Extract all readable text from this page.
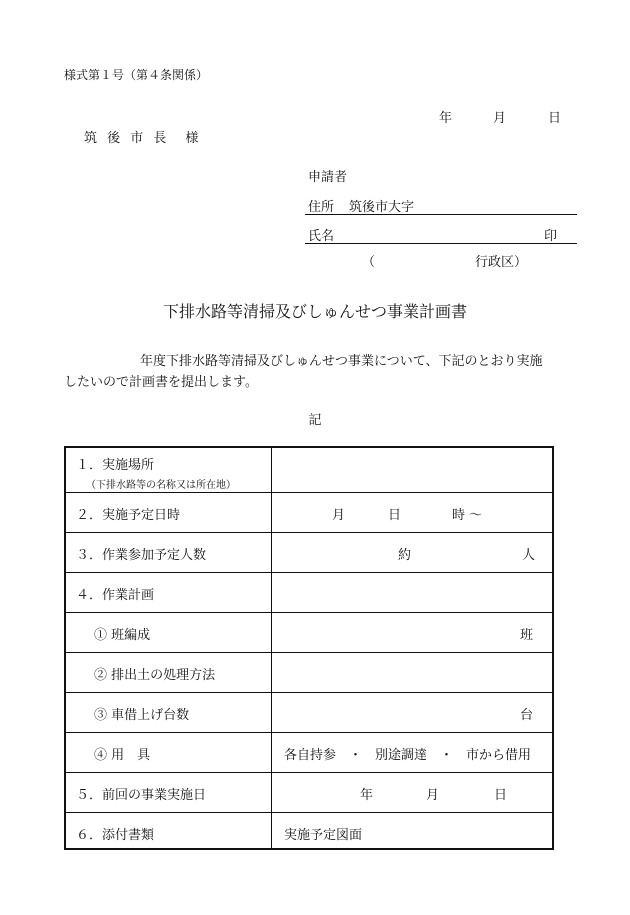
様式第１号（第４条関係）
年	月	日
筑 後 市 長　様
申請者
住所 筑後市大字
氏名	印
（	行政区）
下排水路等清掃及びしゅんせつ事業計画書
年度下排水路等清掃及びしゅんせつ事業について、下記のとおり実施
したいので計画書を提出します。
記
１．実施場所
（下排水路等の名称又は所在地）
２．実施予定日時	月	日	時 〜
３．作業参加予定人数	約	人
４．作業計画
① 班編成	班
② 排出土の処理方法
③ 車借上げ台数	台
④ 用　具	各自持参　・　別途調達　・　市から借用
５．前回の事業実施日	年	月	日
６．添付書類	実施予定図面
